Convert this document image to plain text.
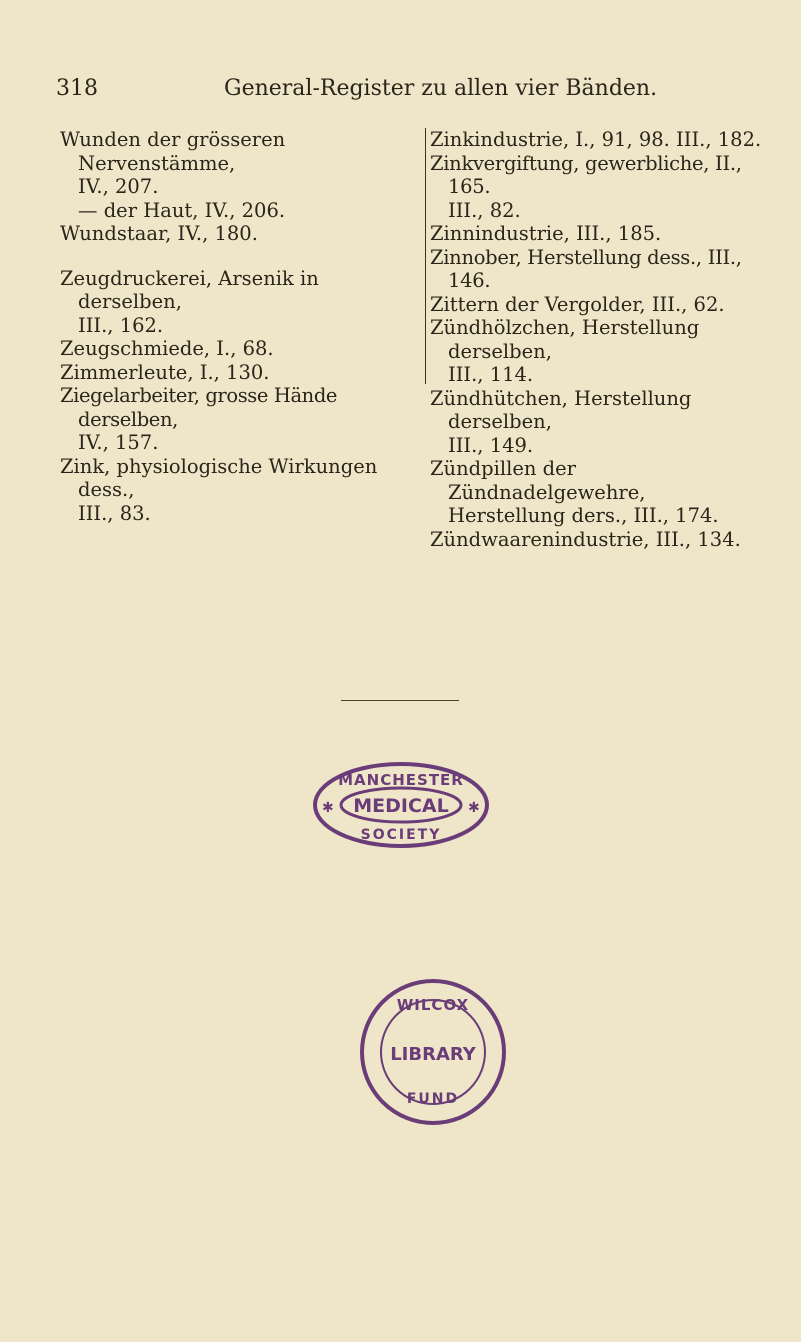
318	General-Register zu allen vier Bänden.

Wunden der grösseren Nervenstämme,

IV., 207.

— der Haut, IV., 206.

Wundstaar, IV., 180.

Zeugdruckerei, Arsenik in derselben,

III., 162.

Zeugschmiede, I., 68.

Zimmerleute, I., 130.

Ziegelarbeiter, grosse Hände derselben,

IV., 157.

Zink, physiologische Wirkungen dess.,

III., 83.

Zinkindustrie, I., 91, 98. III., 182.

Zinkvergiftung, gewerbliche, II., 165.

III., 82.

Zinnindustrie, III., 185.

Zinnober, Herstellung dess., III., 146.

Zittern der Vergolder, III., 62.

Zündhölzchen, Herstellung derselben,

III., 114.

Zündhütchen, Herstellung derselben,

III., 149.

Zündpillen der Zündnadelgewehre,

Herstellung ders., III., 174.

Zündwaarenindustrie, III., 134.

MANCHESTER
MEDICAL
SOCIETY
✱	✱
WILCOX
LIBRARY
FUND
